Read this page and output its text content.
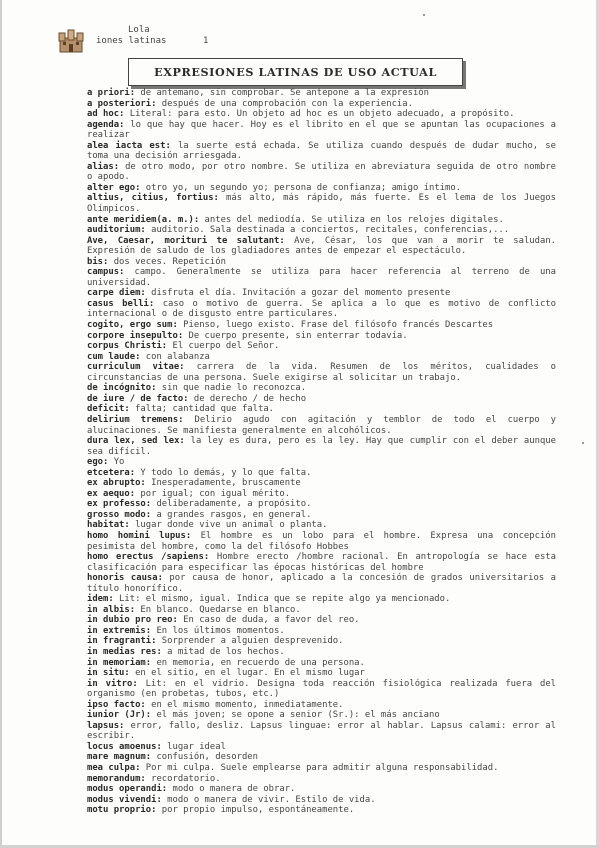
Lola
iones latinas	1
EXPRESIONES LATINAS DE USO ACTUAL

a priori: de antemano, sin comprobar. Se antepone a la expresión

a posteriori: después de una comprobación con la experiencia.

ad hoc: Literal: para esto. Un objeto ad hoc es un objeto adecuado, a propósito.

agenda: lo que hay que hacer. Hoy es el librito en el que se apuntan las ocupaciones a realizar

alea iacta est: la suerte está echada. Se utiliza cuando después de dudar mucho, se toma una decisión arriesgada.

alias: de otro modo, por otro nombre. Se utiliza en abreviatura seguida de otro nombre o apodo.

alter ego: otro yo, un segundo yo; persona de confianza; amigo íntimo.

altius, citius, fortius: más alto, más rápido, más fuerte. Es el lema de los Juegos Olímpicos.

ante meridiem(a. m.): antes del mediodía. Se utiliza en los relojes digitales.

auditorium: auditorio. Sala destinada a conciertos, recitales, conferencias,...

Ave, Caesar, morituri te salutant: Ave, César, los que van a morir te saludan. Expresión de saludo de los gladiadores antes de empezar el espectáculo.

bis: dos veces. Repetición

campus: campo. Generalmente se utiliza para hacer referencia al terreno de una universidad.

carpe diem: disfruta el día. Invitación a gozar del momento presente

casus belli: caso o motivo de guerra. Se aplica a lo que es motivo de conflicto internacional o de disgusto entre particulares.

cogito, ergo sum: Pienso, luego existo. Frase del filósofo francés Descartes

corpore insepulto: De cuerpo presente, sin enterrar todavía.

corpus Christi: El cuerpo del Señor.

cum laude: con alabanza

curriculum vitae: carrera de la vida. Resumen de los méritos, cualidades o circunstancias de una persona. Suele exigirse al solicitar un trabajo.

de incógnito: sin que nadie lo reconozca.

de iure / de facto: de derecho / de hecho

deficit: falta; cantidad que falta.

delirium tremens: Delirio agudo con agitación y temblor de todo el cuerpo y alucinaciones. Se manifiesta generalmente en alcohólicos.

dura lex, sed lex: la ley es dura, pero es la ley. Hay que cumplir con el deber aunque sea difícil.

ego: Yo

etcetera: Y todo lo demás, y lo que falta.

ex abrupto: Inesperadamente, bruscamente

ex aequo: por igual; con igual mérito.

ex professo: deliberadamente, a propósito.

grosso modo: a grandes rasgos, en general.

habitat: lugar donde vive un animal o planta.

homo homini lupus: El hombre es un lobo para el hombre. Expresa una concepción pesimista del hombre, como la del filósofo Hobbes

homo erectus /sapiens: Hombre erecto /hombre racional. En antropología se hace esta clasificación para especificar las épocas históricas del hombre

honoris causa: por causa de honor, aplicado a la concesión de grados universitarios a título honorífico.

idem: Lit: el mismo, igual. Indica que se repite algo ya mencionado.

in albis: En blanco. Quedarse en blanco.

in dubio pro reo: En caso de duda, a favor del reo.

in extremis: En los últimos momentos.

in fragranti: Sorprender a alguien desprevenido.

in medias res: a mitad de los hechos.

in memoriam: en memoria, en recuerdo de una persona.

in situ: en el sitio, en el lugar. En el mismo lugar

in vitro: Lit: en el vidrio. Designa toda reacción fisiológica realizada fuera del organismo (en probetas, tubos, etc.)

ipso facto: en el mismo momento, inmediatamente.

iunior (Jr): el más joven; se opone a senior (Sr.): el más anciano

lapsus: error, fallo, desliz. Lapsus linguae: error al hablar. Lapsus calami: error al escribir.

locus amoenus: lugar ideal

mare magnum: confusión, desorden

mea culpa: Por mi culpa. Suele emplearse para admitir alguna responsabilidad.

memorandum: recordatorio.

modus operandi: modo o manera de obrar.

modus vivendi: modo o manera de vivir. Estilo de vida.

motu proprio: por propio impulso, espontáneamente.
